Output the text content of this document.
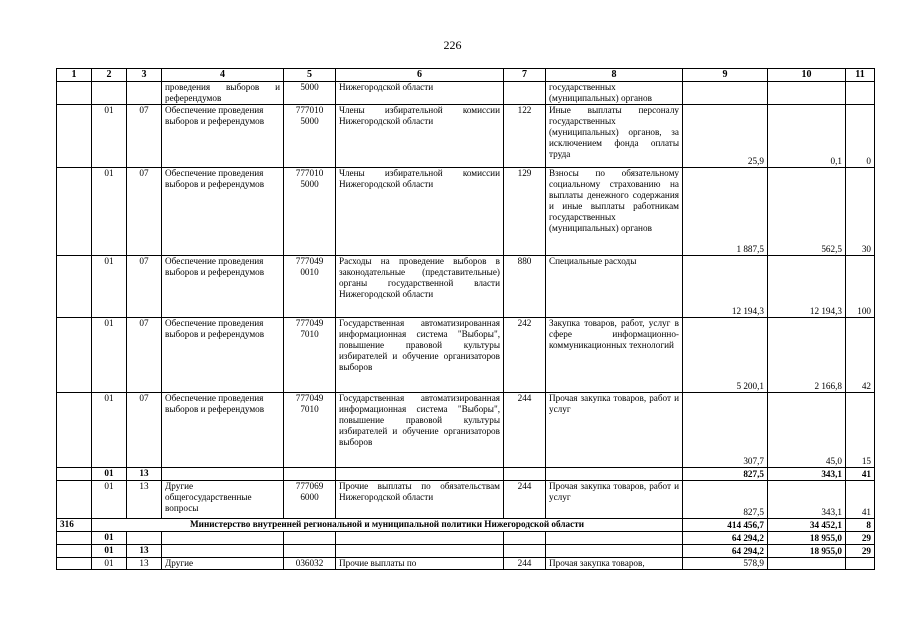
226
1	2	3	4	5	6	7	8	9	10	11
			проведения выборов и референдумов	5000	Нижегородской области		государственных (муниципальных) органов			
	01	07	Обеспечение проведения выборов и референдумов	777010 5000	Члены избирательной комиссии Нижегородской области	122	Иные выплаты персоналу государственных (муниципальных) органов, за исключением фонда оплаты труда	25,9	0,1	0
	01	07	Обеспечение проведения выборов и референдумов	777010 5000	Члены избирательной комиссии Нижегородской области	129	Взносы по обязательному социальному страхованию на выплаты денежного содержания и иные выплаты работникам государственных (муниципальных) органов	1 887,5	562,5	30
	01	07	Обеспечение проведения выборов и референдумов	777049 0010	Расходы на проведение выборов в законодательные (представительные) органы государственной власти Нижегородской области	880	Специальные расходы	12 194,3	12 194,3	100
	01	07	Обеспечение проведения выборов и референдумов	777049 7010	Государственная автоматизированная информационная система "Выборы", повышение правовой культуры избирателей и обучение организаторов выборов	242	Закупка товаров, работ, услуг в сфере информационно-коммуникационных технологий	5 200,1	2 166,8	42
	01	07	Обеспечение проведения выборов и референдумов	777049 7010	Государственная автоматизированная информационная система "Выборы", повышение правовой культуры избирателей и обучение организаторов выборов	244	Прочая закупка товаров, работ и услуг	307,7	45,0	15
	01	13						827,5	343,1	41
	01	13	Другие общегосударственные вопросы	777069 6000	Прочие выплаты по обязательствам Нижегородской области	244	Прочая закупка товаров, работ и услуг	827,5	343,1	41
316	Министерство внутренней региональной и муниципальной политики Нижегородской области							414 456,7	34 452,1	8
	01							64 294,2	18 955,0	29
	01	13						64 294,2	18 955,0	29
	01	13	Другие	036032	Прочие выплаты по	244	Прочая закупка товаров,	578,9		
